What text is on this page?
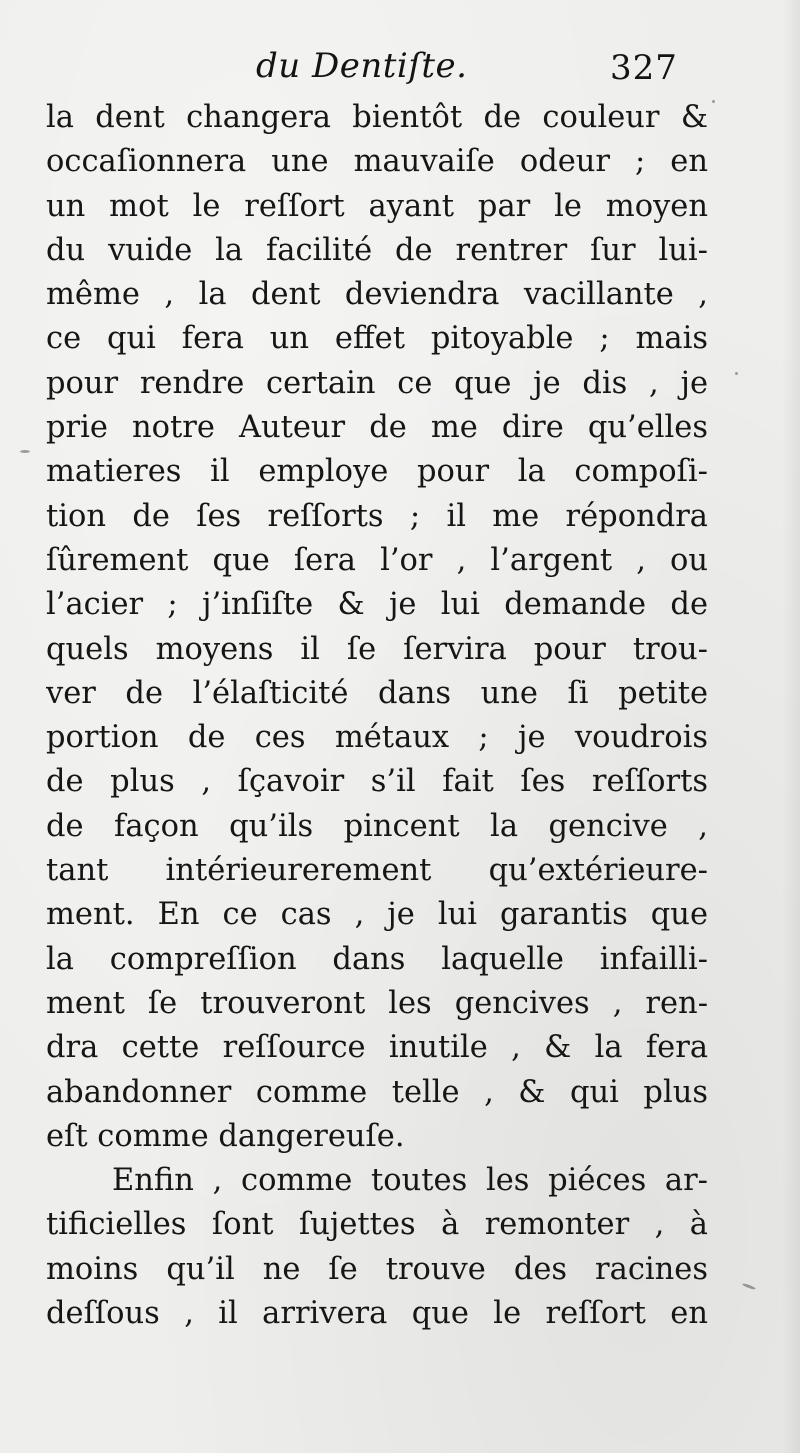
du Dentiſte.	327
la dent changera bientôt de couleur &
occaſionnera une mauvaiſe odeur ; en
un mot le reſſort ayant par le moyen
du vuide la facilité de rentrer ſur lui-
même , la dent deviendra vacillante ,
ce qui fera un effet pitoyable ; mais
pour rendre certain ce que je dis , je
prie notre Auteur de me dire qu’elles
matieres il employe pour la compoſi-
tion de ſes reſſorts ; il me répondra
ſûrement que ſera l’or , l’argent , ou
l’acier ; j’inſiſte & je lui demande de
quels moyens il ſe ſervira pour trou-
ver de l’élaſticité dans une ſi petite
portion de ces métaux ; je voudrois
de plus , ſçavoir s’il fait ſes reſſorts
de façon qu’ils pincent la gencive ,
tant intérieurerement qu’extérieure-
ment. En ce cas , je lui garantis que
la compreſſion dans laquelle infailli-
ment ſe trouveront les gencives , ren-
dra cette reſſource inutile , & la fera
abandonner comme telle , & qui plus
eſt comme dangereuſe.
Enfin , comme toutes les piéces ar-
tificielles ſont ſujettes à remonter , à
moins qu’il ne ſe trouve des racines
deſſous , il arrivera que le reſſort en
